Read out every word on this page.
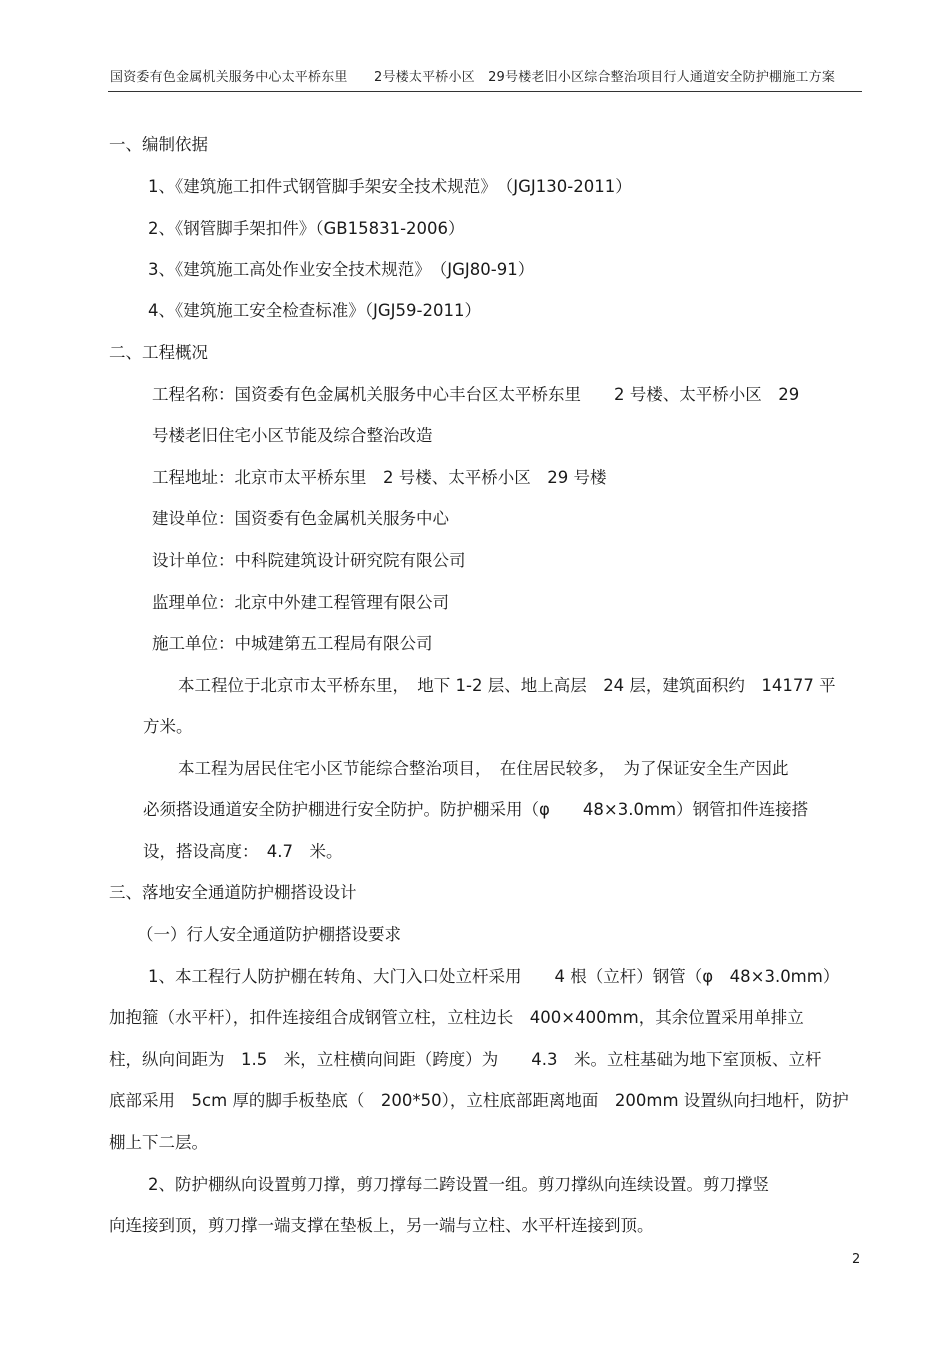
国资委有色金属机关服务中心太平桥东里　　2号楼太平桥小区　29号楼老旧小区综合整治项目行人通道安全防护棚施工方案
一、编制依据
1、《建筑施工扣件式钢管脚手架安全技术规范》　（JGJ130-2011）
2、《钢管脚手架扣件》（GB15831-2006）
3、《建筑施工高处作业安全技术规范》　（JGJ80-91）
4、《建筑施工安全检查标准》（JGJ59-2011）
二、工程概况
工程名称：国资委有色金属机关服务中心丰台区太平桥东里　　2 号楼、太平桥小区　29
号楼老旧住宅小区节能及综合整治改造
工程地址：北京市太平桥东里　2 号楼、太平桥小区　29 号楼
建设单位：国资委有色金属机关服务中心
设计单位：中科院建筑设计研究院有限公司
监理单位：北京中外建工程管理有限公司
施工单位：中城建第五工程局有限公司
本工程位于北京市太平桥东里，　地下 1-2 层、地上高层　24 层，建筑面积约　14177 平
方米。
本工程为居民住宅小区节能综合整治项目，　在住居民较多，　为了保证安全生产因此
必须搭设通道安全防护棚进行安全防护。防护棚采用（φ　　48×3.0mm）钢管扣件连接搭
设，搭设高度：　4.7　米。
三、落地安全通道防护棚搭设设计
（一）行人安全通道防护棚搭设要求
1、本工程行人防护棚在转角、大门入口处立杆采用　　4 根（立杆）钢管（φ　48×3.0mm）
加抱箍（水平杆），扣件连接组合成钢管立柱，立柱边长　400×400mm，其余位置采用单排立
柱，纵向间距为　1.5　米，立柱横向间距（跨度）为　　4.3　米。立柱基础为地下室顶板、立杆
底部采用　5cm 厚的脚手板垫底（　200*50），立柱底部距离地面　200mm 设置纵向扫地杆，防护
棚上下二层。
2、防护棚纵向设置剪刀撑，剪刀撑每二跨设置一组。剪刀撑纵向连续设置。剪刀撑竖
向连接到顶，剪刀撑一端支撑在垫板上，另一端与立柱、水平杆连接到顶。
2
